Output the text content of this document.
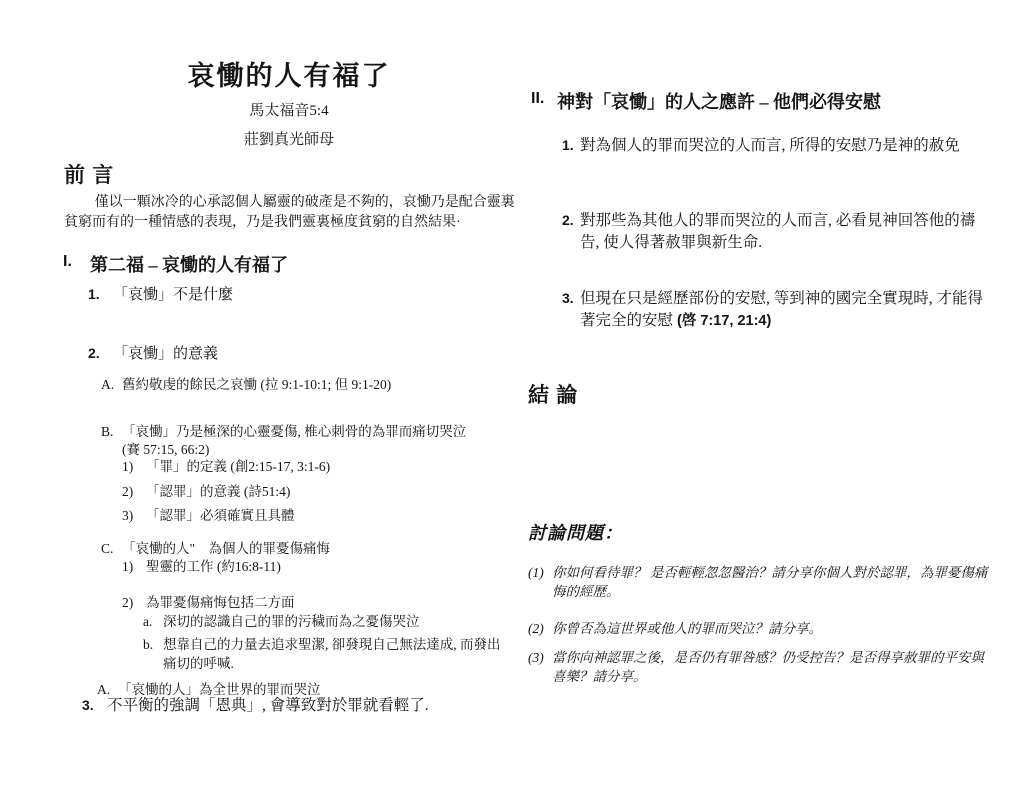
哀慟的人有福了
馬太福音5:4
莊劉真光師母
前 言

僅以一顆冰冷的心承認個人屬靈的破產是不夠的，哀慟乃是配合靈裏貧窮而有的一種情感的表現，乃是我們靈裏極度貧窮的自然結果·

I.	第二福 – 哀慟的人有福了
1. 「哀慟」不是什麼
2. 「哀慟」的意義
A. 舊約敬虔的餘民之哀慟 (拉 9:1-10:1; 但 9:1-20)
B. 「哀慟」乃是極深的心靈憂傷, 椎心刺骨的為罪而痛切哭泣
(賽 57:15, 66:2)
1) 「罪」的定義 (創2:15-17, 3:1-6)
2) 「認罪」的意義 (詩51:4)
3) 「認罪」必須確實且具體
C. 「哀慟的人"　為個人的罪憂傷痛悔
1) 聖靈的工作 (約16:8-11)
2) 為罪憂傷痛悔包括二方面
a. 深切的認識自己的罪的污穢而為之憂傷哭泣
b. 想靠自己的力量去追求聖潔, 卻發現自己無法達成, 而發出痛切的呼喊.
A. 「哀慟的人」為全世界的罪而哭泣
3. 不平衡的強調「恩典」, 會導致對於罪就看輕了.
II. 神對「哀慟」的人之應許 – 他們必得安慰
1. 對為個人的罪而哭泣的人而言, 所得的安慰乃是神的赦免
2. 對那些為其他人的罪而哭泣的人而言, 必看見神回答他的禱告, 使人得著赦罪與新生命.
3. 但現在只是經歷部份的安慰, 等到神的國完全實現時, 才能得著完全的安慰 (啓 7:17, 21:4)
結 論
討論問題：
(1) 你如何看待罪？ 是否輕輕忽忽醫治？請分享你個人對於認罪，為罪憂傷痛悔的經歷。
(2) 你曾否為這世界或他人的罪而哭泣？請分享。
(3) 當你向神認罪之後，是否仍有罪咎感？仍受控告？是否得享赦罪的平安與喜樂？請分享。
